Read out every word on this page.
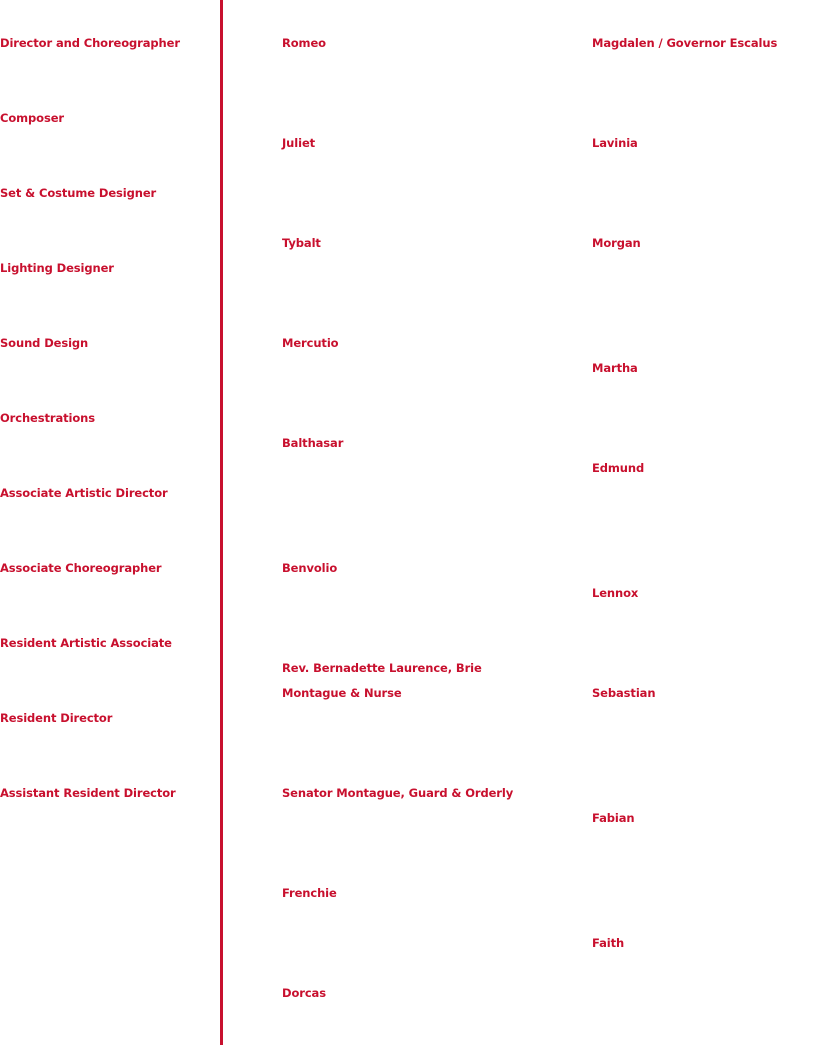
Director and Choreographer
Composer
Set & Costume Designer
Lighting Designer
Sound Design
Orchestrations
Associate Artistic Director
Associate Choreographer
Resident Artistic Associate
Resident Director
Assistant Resident Director
Romeo
Juliet
Tybalt
Mercutio
Balthasar
Benvolio
Rev. Bernadette Laurence, Brie Montague & Nurse
Senator Montague, Guard & Orderly
Frenchie
Dorcas
Magdalen / Governor Escalus
Lavinia
Morgan
Martha
Edmund
Lennox
Sebastian
Fabian
Faith
